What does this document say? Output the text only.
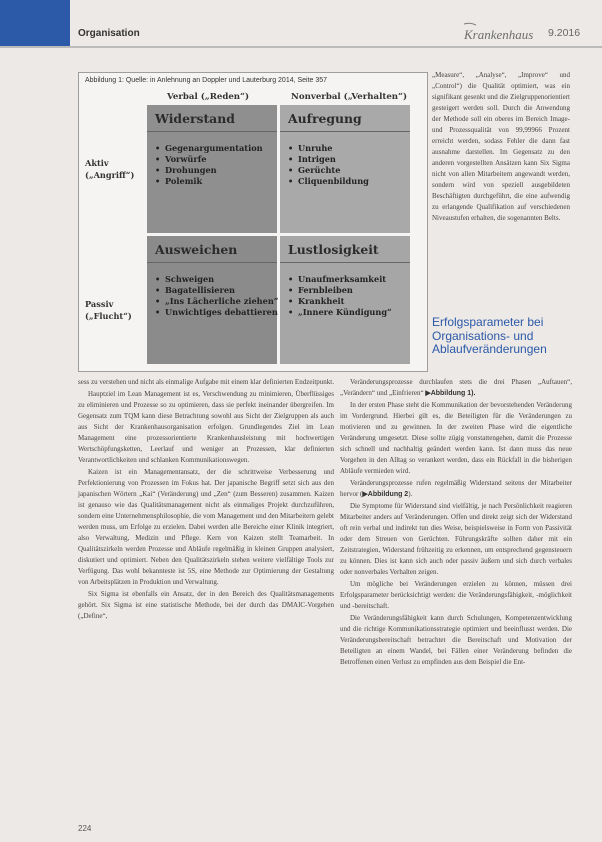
Organisation	Krankenhaus 9.2016
Abbildung 1: Quelle: in Anlehnung an Doppler und Lauterburg 2014, Seite 357
Verbal („Reden“)	Nonverbal („Verhalten“)
Aktiv
(„Angriff“)
Passiv
(„Flucht“)
Widerstand
• Gegenargumentation
• Vorwürfe
• Drohungen
• Polemik
Aufregung
• Unruhe
• Intrigen
• Gerüchte
• Cliquenbildung
Ausweichen
• Schweigen
• Bagatellisieren
• „Ins Lächerliche ziehen“
• Unwichtiges debattieren
Lustlosigkeit
• Unaufmerksamkeit
• Fernbleiben
• Krankheit
• „Innere Kündigung“

„Measure“, „Analyse“, „Improve“ und „Control“) die Qualität optimiert, was ein signifikant gesenkt und die Zielgruppenorientiert gesteigert werden soll. Durch die Anwendung der Methode soll ein oberes im Bereich Image- und Prozessqualität von 99,99966 Prozent erreicht werden, sodass Fehler die dann fast ausnahme darstellen. Im Gegensatz zu den anderen vorgestellten Ansätzen kann Six Sigma nicht von allen Mitarbeitern angewandt werden, sondern wird von speziell ausgebildeten Beschäftigten durchgeführt, die eine aufwendig zu erlangende Qualifikation auf verschiedenen Niveaustufen erhalten, die sogenannten Belts.

Erfolgsparameter bei Organisations- und Ablaufveränderungen

sess zu verstehen und nicht als einmalige Aufgabe mit einem klar definierten Endzeitpunkt.

Hauptziel im Lean Management ist es, Verschwendung zu minimieren, Überflüssiges zu eliminieren und Prozesse so zu optimieren, dass sie perfekt ineinander übergreifen. Im Gegensatz zum TQM kann diese Betrachtung sowohl aus Sicht der Zielgruppen als auch aus Sicht der Krankenhausorganisation erfolgen. Grundlegendes Ziel im Lean Management eine prozessorientierte Krankenhausleistung mit hochwertigen Wertschöpfungsketten, Leerlauf und weniger an Prozessen, klar definierten Verantwortlichkeiten und schlanken Kommunikationswegen.

Kaizen ist ein Managementansatz, der die schrittweise Verbesserung und Perfektionierung von Prozessen im Fokus hat. Der japanische Begriff setzt sich aus den japanischen Wörtern „Kai“ (Veränderung) und „Zen“ (zum Besseren) zusammen. Kaizen ist genauso wie das Qualitätsmanagement nicht als einmaliges Projekt durchzuführen, sondern eine Unternehmensphilosophie, die vom Management und den Mitarbeitern gelebt werden muss, um Erfolge zu erzielen. Dabei werden alle Bereiche einer Klinik integriert, also Verwaltung, Medizin und Pflege. Kern von Kaizen stellt Teamarbeit. In Qualitätszirkeln werden Prozesse und Abläufe regelmäßig in kleinen Gruppen analysiert, diskutiert und optimiert. Neben den Qualitätszirkeln stehen weitere vielfältige Tools zur Verfügung. Das wohl bekannteste ist 5S, eine Methode zur Optimierung der Gestaltung von Arbeitsplätzen in Produktion und Verwaltung.

Six Sigma ist ebenfalls ein Ansatz, der in den Bereich des Qualitätsmanagements gehört. Six Sigma ist eine statistische Methode, bei der durch das DMAIC-Vorgehen („Define“,

Veränderungsprozesse durchlaufen stets die drei Phasen „Auftauen“, „Verändern“ und „Einfrieren“ ▶Abbildung 1).

In der ersten Phase steht die Kommunikation der bevorstehenden Veränderung im Vordergrund. Hierbei gilt es, die Beteiligten für die Veränderungen zu motivieren und zu gewinnen. In der zweiten Phase wird die eigentliche Veränderung umgesetzt. Diese sollte zügig vonstattengehen, damit die Prozesse sich schnell und nachhaltig geändert werden kann. Ist dann muss das neue Vorgehen in den Alltag so verankert werden, dass ein Rückfall in die bisherigen Abläufe vermieden wird.

Veränderungsprozesse rufen regelmäßig Widerstand seitens der Mitarbeiter hervor (▶Abbildung 2).

Die Symptome für Widerstand sind vielfältig, je nach Persönlichkeit reagieren Mitarbeiter anders auf Veränderungen. Offen und direkt zeigt sich der Widerstand oft rein verbal und indirekt tun dies Weise, beispielsweise in Form von Passivität oder dem Streuen von Gerüchten. Führungskräfte sollten daher mit ein Zeitstrategien, Widerstand frühzeitig zu erkennen, um entsprechend gegensteuern zu können. Dies ist kann sich auch oder passiv äußern und sich durch verbales oder nonverbales Verhalten zeigen.

Um mögliche bei Veränderungen erzielen zu können, müssen drei Erfolgsparameter berücksichtigt werden: die Veränderungsfähigkeit, -möglichkeit und -bereitschaft.

Die Veränderungsfähigkeit kann durch Schulungen, Kompetenzentwicklung und die richtige Kommunikationsstrategie optimiert und beeinflusst werden. Die Veränderungsbereitschaft betrachtet die Bereitschaft und Motivation der Beteiligten an einem Wandel, bei Fällen einer Veränderung befinden die Betroffenen einen Verlust zu empfinden aus dem Beispiel die Ent-

224
